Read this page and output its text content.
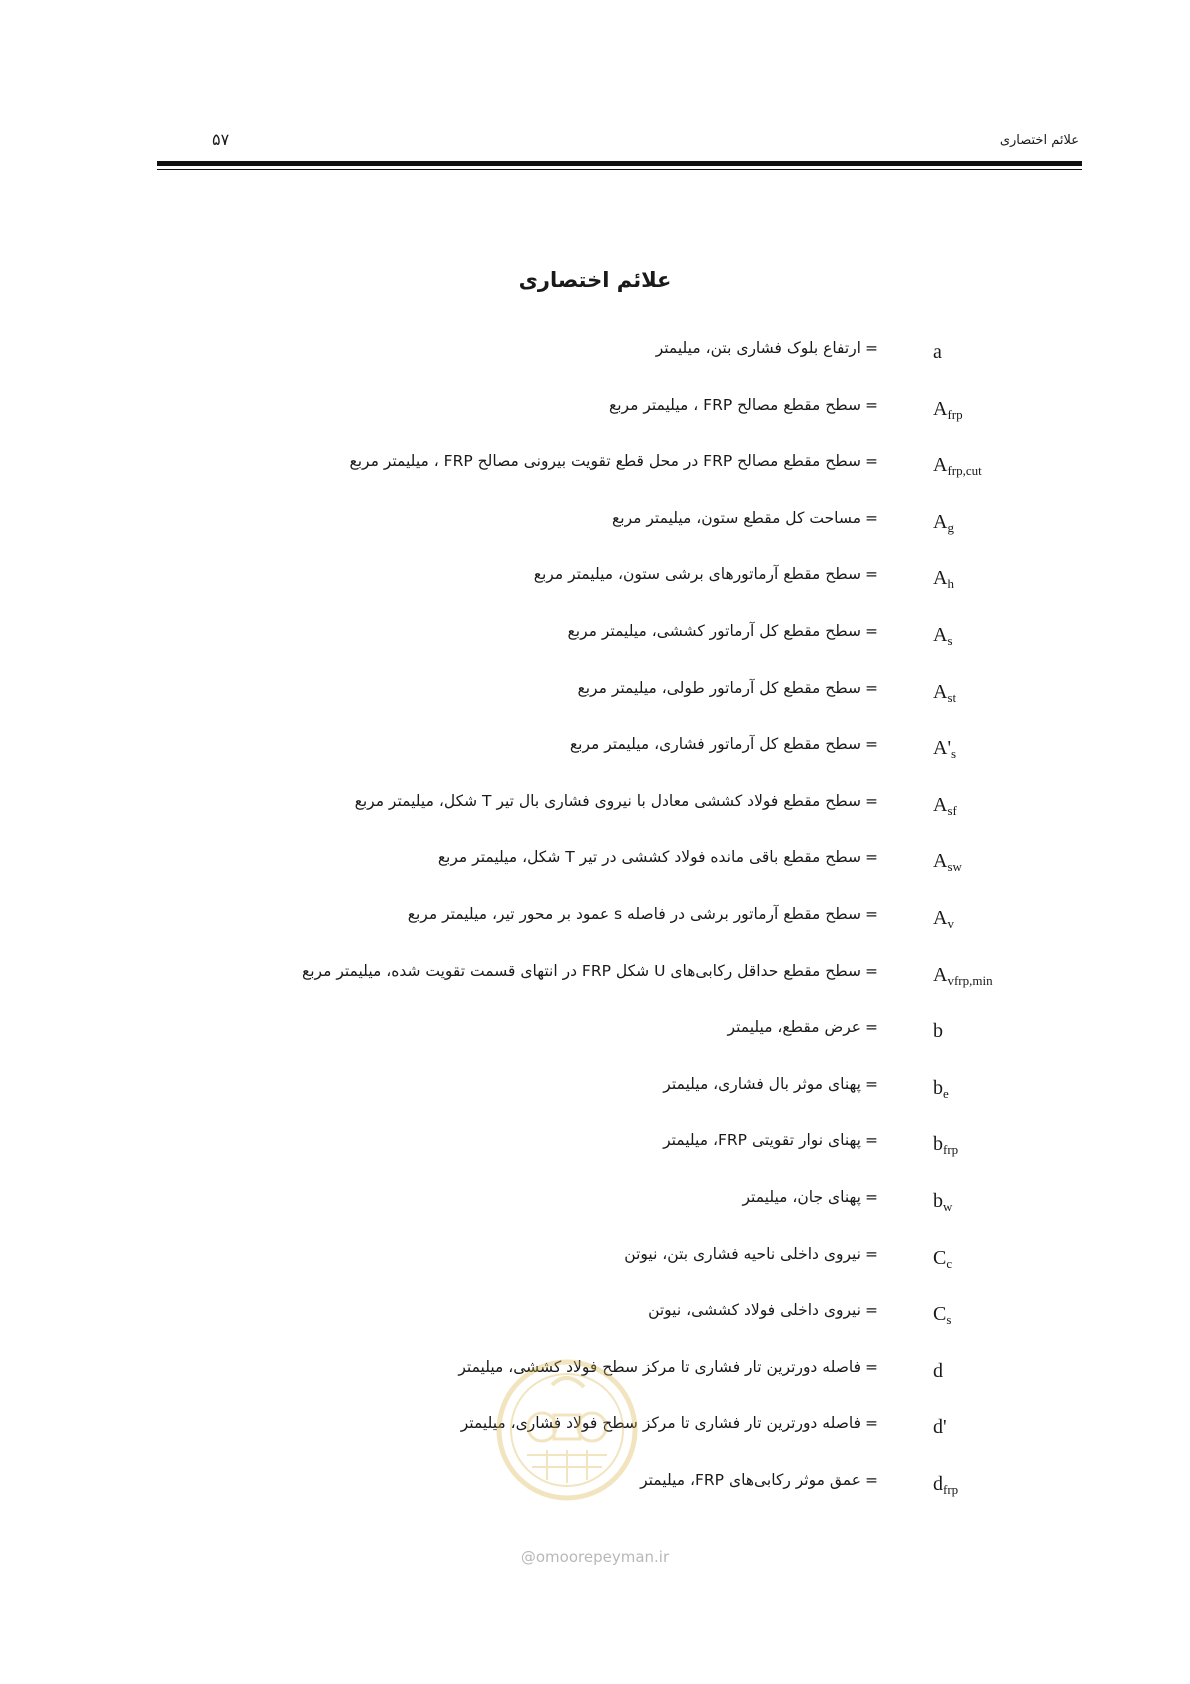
۵۷	علائم اختصاری
علائم اختصاری
a
=ارتفاع بلوک فشاری بتن، میلیمتر
$A_{frp}$
=سطح مقطع مصالح FRP ، میلیمتر مربع
$A_{frp,cut}$
=سطح مقطع مصالح FRP در محل قطع تقویت بیرونی مصالح FRP ، میلیمتر مربع
$A_g$
=مساحت کل مقطع ستون، میلیمتر مربع
$A_h$
=سطح مقطع آرماتورهای برشی ستون، میلیمتر مربع
$A_s$
=سطح مقطع کل آرماتور کششی، میلیمتر مربع
$A_{st}$
=سطح مقطع کل آرماتور طولی، میلیمتر مربع
$A'_s$
=سطح مقطع کل آرماتور فشاری، میلیمتر مربع
$A_{sf}$
=سطح مقطع فولاد کششی معادل با نیروی فشاری بال تیر T شکل، میلیمتر مربع
$A_{sw}$
=سطح مقطع باقی مانده فولاد کششی در تیر T شکل، میلیمتر مربع
$A_v$
=سطح مقطع آرماتور برشی در فاصله s عمود بر محور تیر، میلیمتر مربع
$A_{vfrp,min}$
=سطح مقطع حداقل رکابی‌های U شکل FRP در انتهای قسمت تقویت شده، میلیمتر مربع
b
=عرض مقطع، میلیمتر
$b_e$
=پهنای موثر بال فشاری، میلیمتر
$b_{frp}$
=پهنای نوار تقویتی FRP، میلیمتر
$b_w$
=پهنای جان، میلیمتر
$C_c$
=نیروی داخلی ناحیه فشاری بتن، نیوتن
$C_s$
=نیروی داخلی فولاد کششی، نیوتن
d
=فاصله دورترین تار فشاری تا مرکز سطح فولاد کششی، میلیمتر
d'
=فاصله دورترین تار فشاری تا مرکز سطح فولاد فشاری، میلیمتر
$d_{frp}$
=عمق موثر رکابی‌های FRP، میلیمتر
@omoorepeyman.ir
